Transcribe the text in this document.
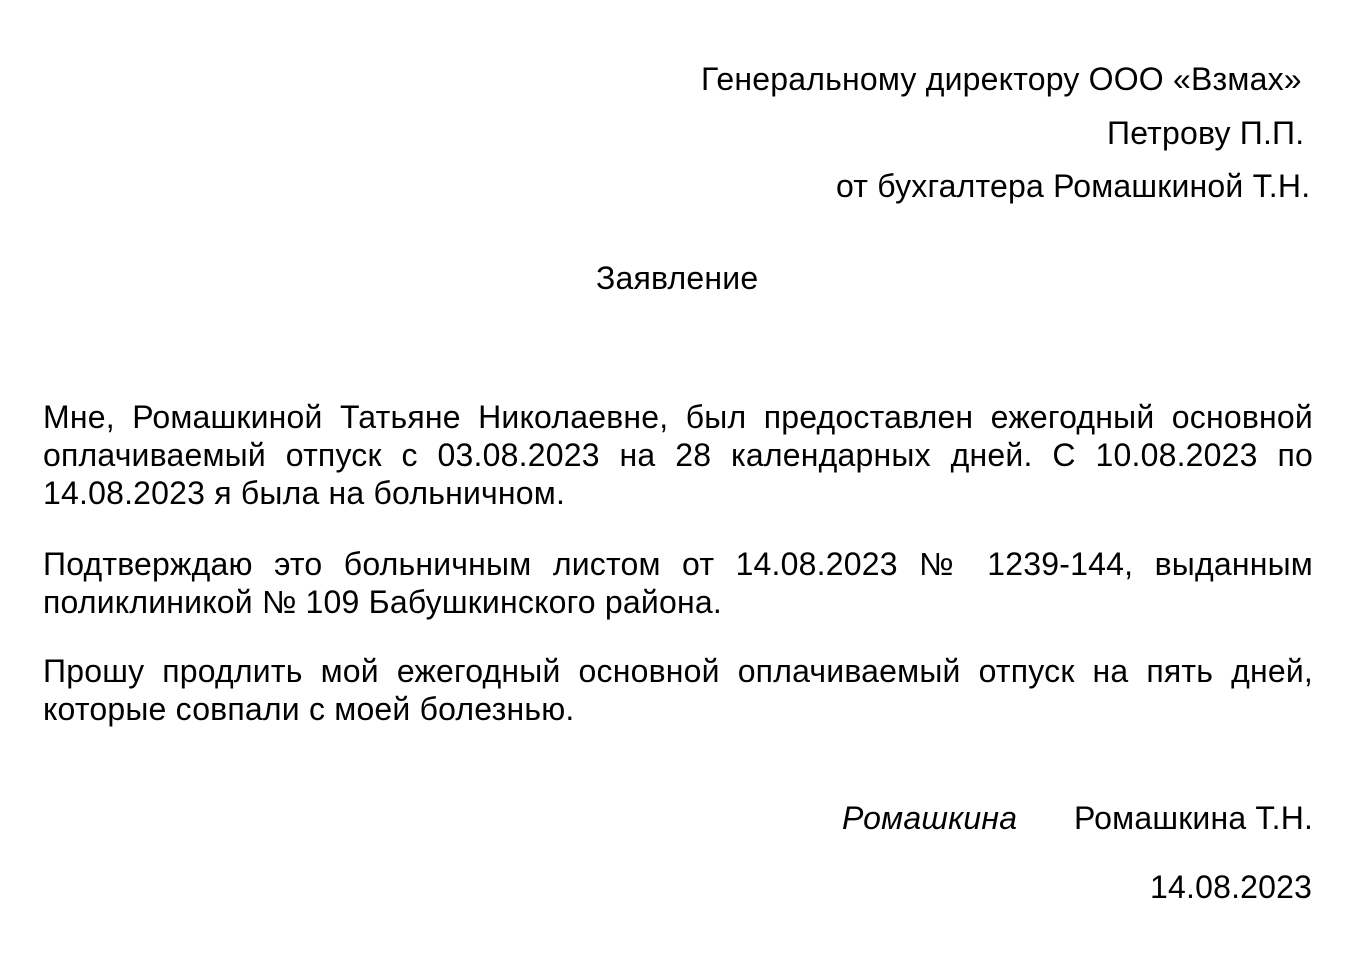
Генеральному директору ООО «Взмах»
Петрову П.П.
от бухгалтера Ромашкиной Т.Н.
Заявление
Мне, Ромашкиной Татьяне Николаевне, был предоставлен ежегодный основной оплачиваемый отпуск с 03.08.2023 на 28 календарных дней. С 10.08.2023 по 14.08.2023 я была на больничном.
Подтверждаю это больничным листом от 14.08.2023 № 1239-144, выданным поликлиникой № 109 Бабушкинского района.
Прошу продлить мой ежегодный основной оплачиваемый отпуск на пять дней, которые совпали с моей болезнью.
Ромашкина Ромашкина Т.Н.
14.08.2023
